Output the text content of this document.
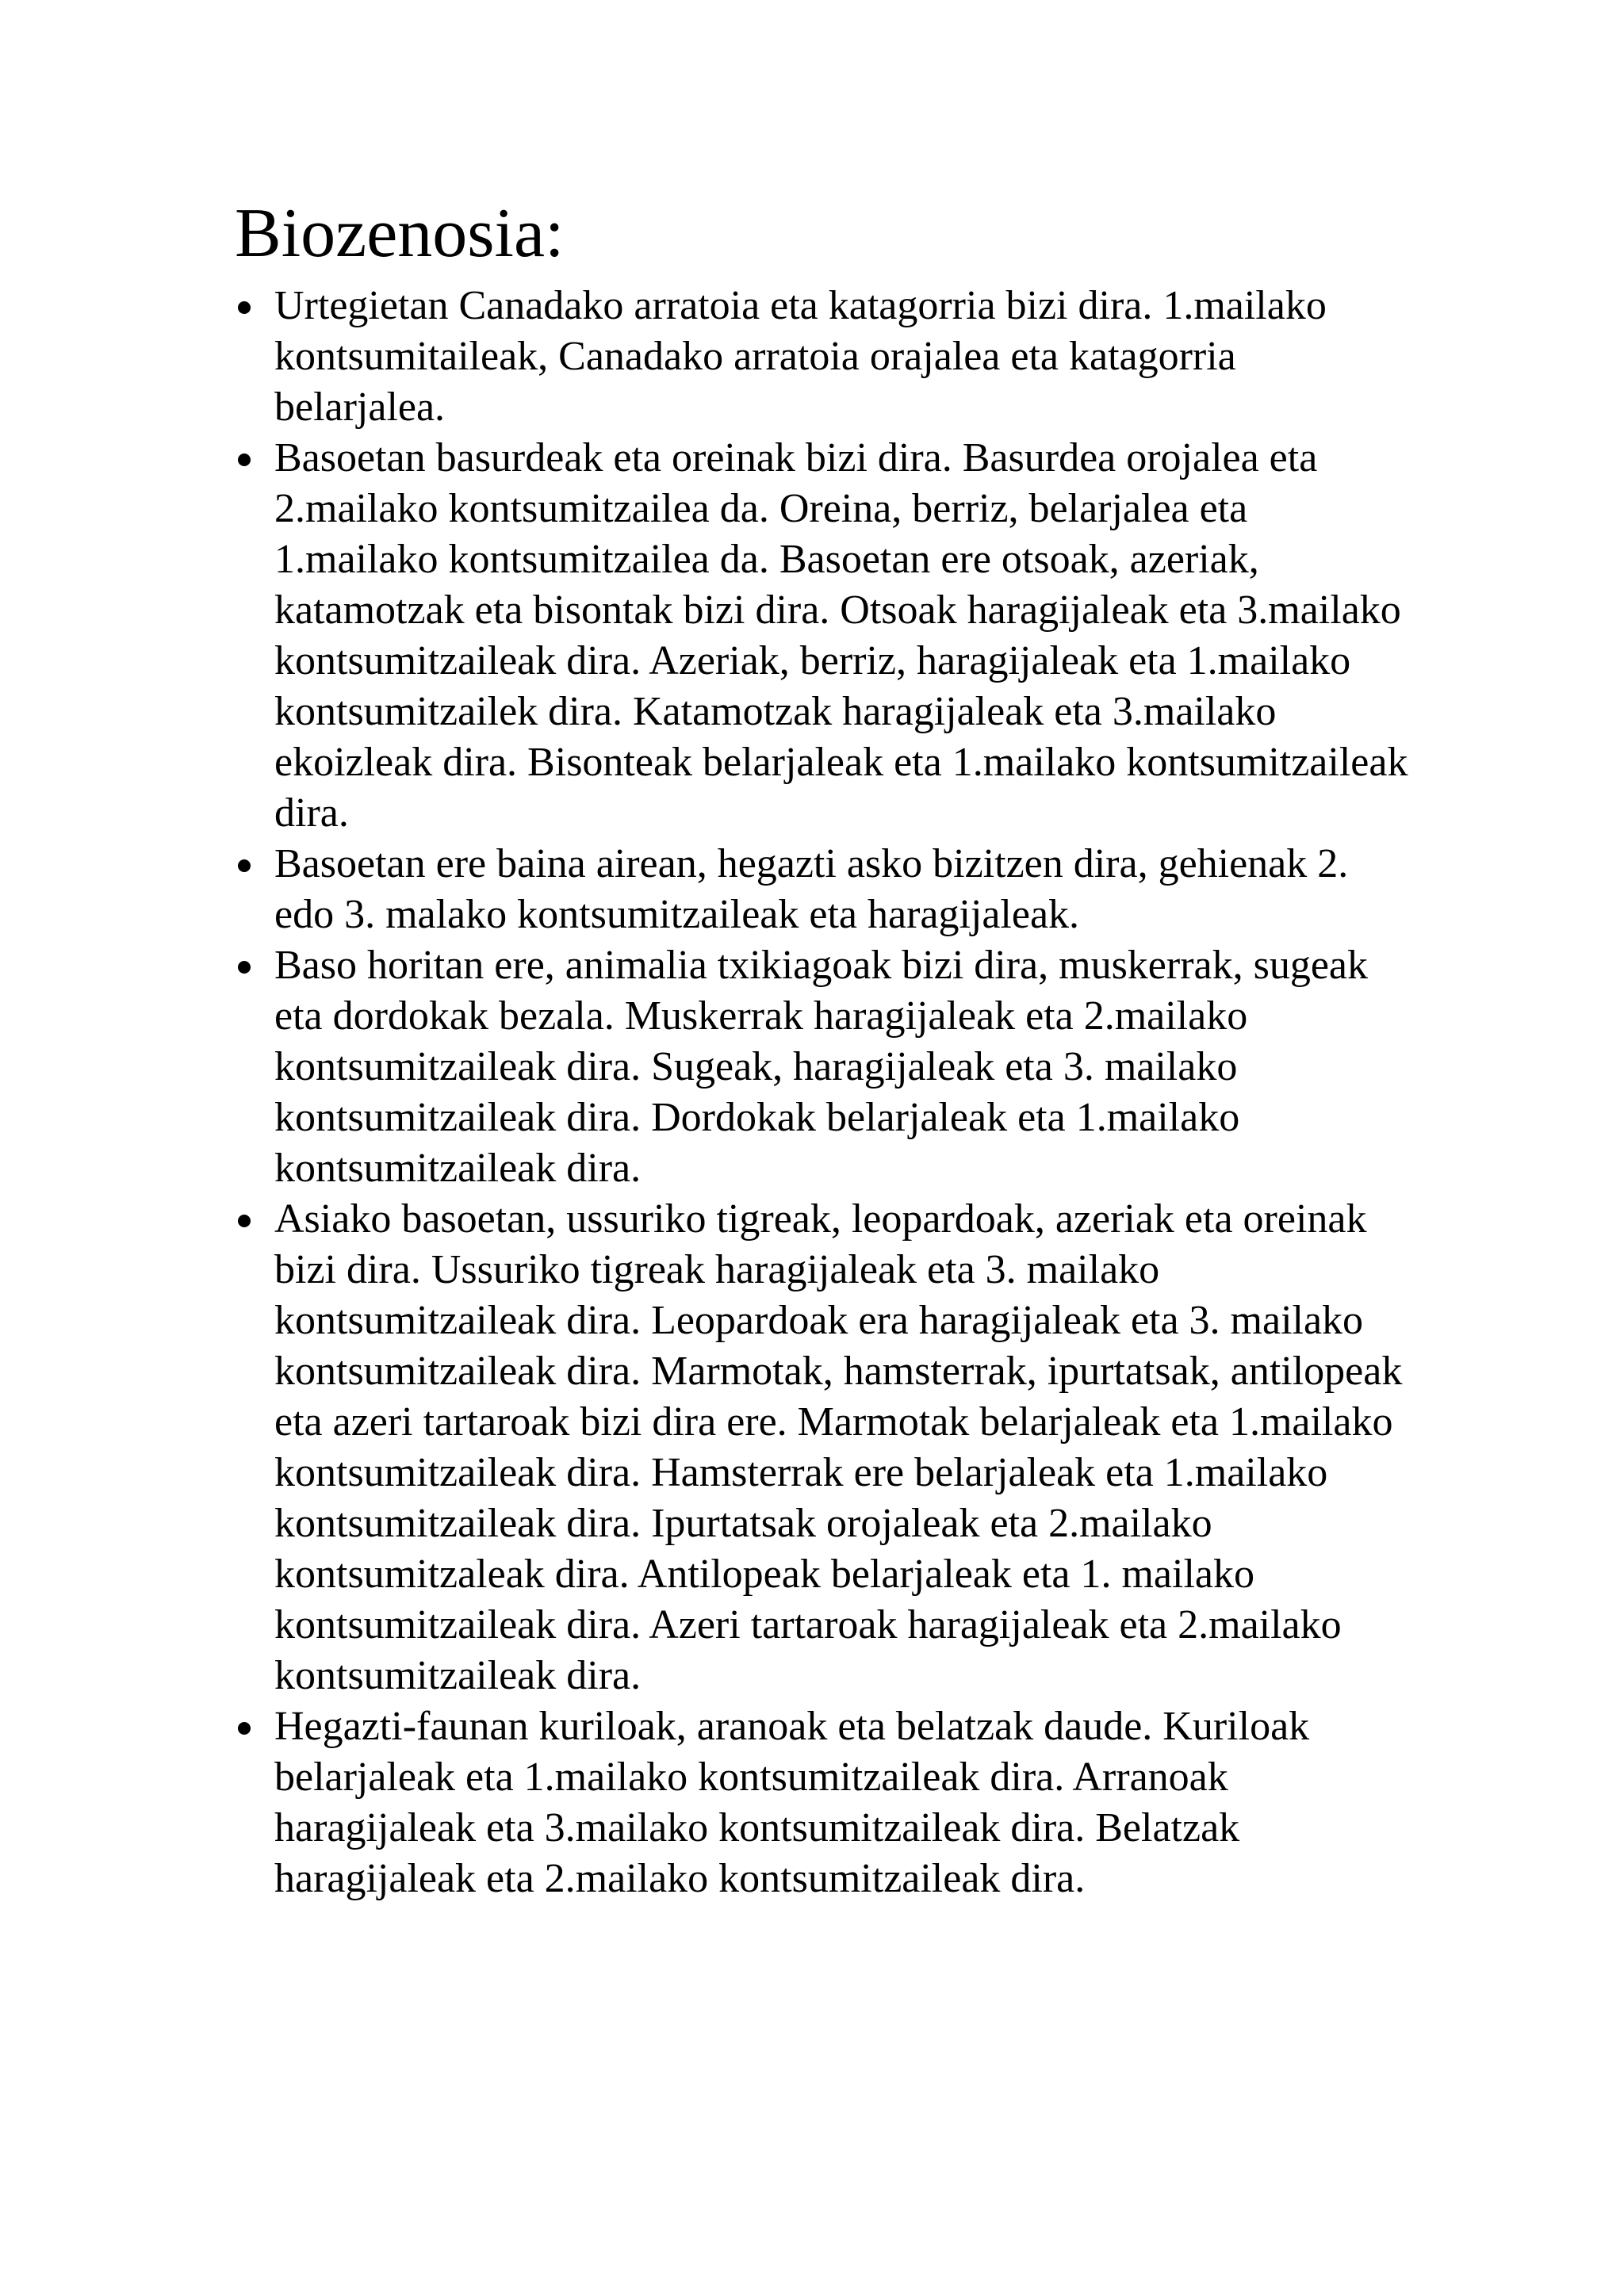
Biozenosia:
Urtegietan Canadako arratoia eta katagorria bizi dira. 1.mailako kontsumitaileak, Canadako arratoia orajalea eta katagorria belarjalea.
Basoetan basurdeak eta oreinak bizi dira. Basurdea orojalea eta 2.mailako kontsumitzailea da. Oreina, berriz, belarjalea eta 1.mailako kontsumitzailea da. Basoetan ere otsoak, azeriak, katamotzak eta bisontak bizi dira. Otsoak haragijaleak eta 3.mailako kontsumitzaileak dira. Azeriak, berriz, haragijaleak eta 1.mailako kontsumitzailek dira. Katamotzak haragijaleak eta 3.mailako ekoizleak dira. Bisonteak belarjaleak eta 1.mailako kontsumitzaileak dira.
Basoetan ere baina airean, hegazti asko bizitzen dira, gehienak 2. edo 3. malako kontsumitzaileak eta haragijaleak.
Baso horitan ere, animalia txikiagoak bizi dira, muskerrak, sugeak eta dordokak bezala. Muskerrak haragijaleak eta 2.mailako kontsumitzaileak dira. Sugeak, haragijaleak eta 3. mailako kontsumitzaileak dira. Dordokak belarjaleak eta 1.mailako kontsumitzaileak dira.
Asiako basoetan, ussuriko tigreak, leopardoak, azeriak eta oreinak bizi dira. Ussuriko tigreak haragijaleak eta 3. mailako kontsumitzaileak dira. Leopardoak era haragijaleak eta 3. mailako kontsumitzaileak dira. Marmotak, hamsterrak, ipurtatsak, antilopeak eta azeri tartaroak bizi dira ere. Marmotak belarjaleak eta 1.mailako kontsumitzaileak dira. Hamsterrak ere belarjaleak eta 1.mailako kontsumitzaileak dira. Ipurtatsak orojaleak eta 2.mailako kontsumitzaleak dira. Antilopeak belarjaleak eta 1. mailako kontsumitzaileak dira. Azeri tartaroak haragijaleak eta 2.mailako kontsumitzaileak dira.
Hegazti-faunan kuriloak, aranoak eta belatzak daude. Kuriloak belarjaleak eta 1.mailako kontsumitzaileak dira. Arranoak haragijaleak eta 3.mailako kontsumitzaileak dira. Belatzak haragijaleak eta 2.mailako kontsumitzaileak dira.
